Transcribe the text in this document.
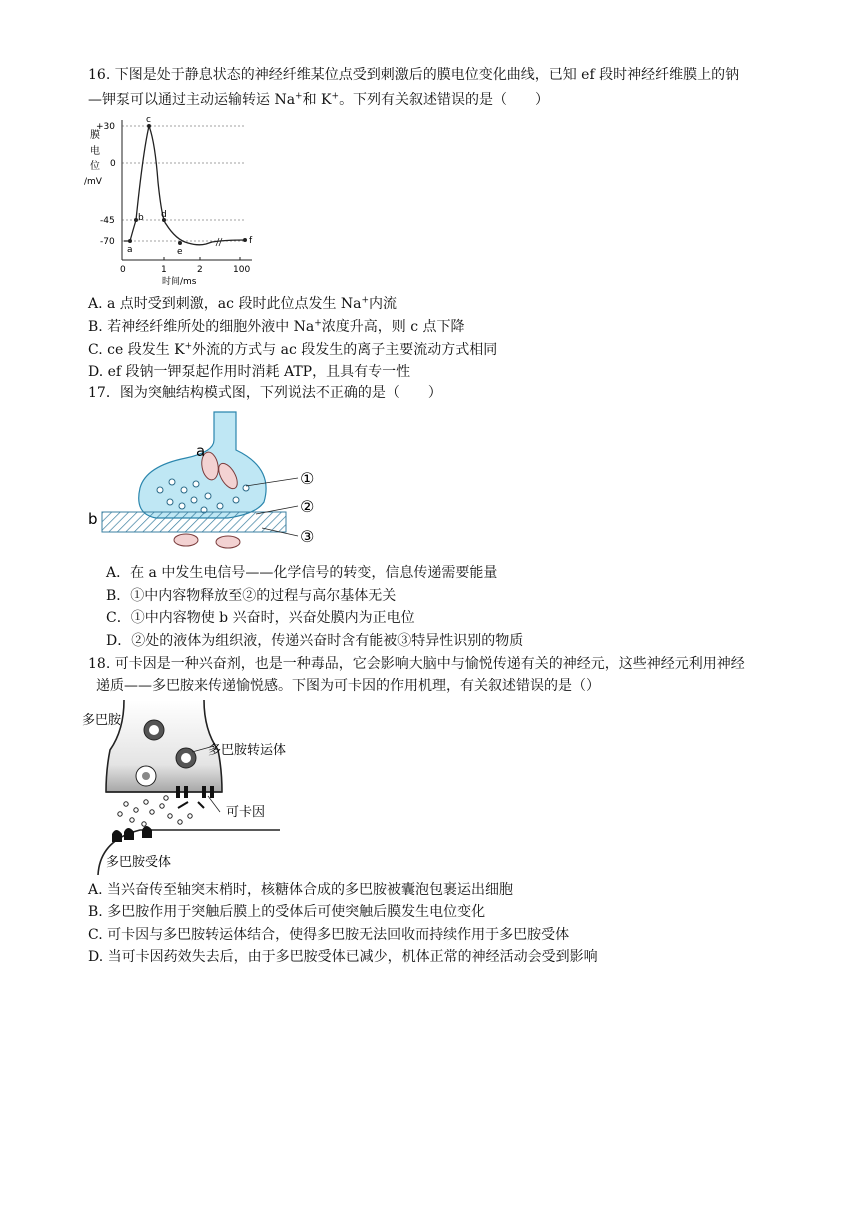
16. 下图是处于静息状态的神经纤维某位点受到刺激后的膜电位变化曲线，已知 ef 段时神经纤维膜上的钠
—钾泵可以通过主动运输转运 Na+和 K+。下列有关叙述错误的是（　　）
膜
电
位
/mV
+30
0
-45
-70
0	1	2	100
时间/ms
a
b
c
d
e
f
A. a 点时受到刺激，ac 段时此位点发生 Na+内流
B. 若神经纤维所处的细胞外液中 Na+浓度升高，则 c 点下降
C. ce 段发生 K+外流的方式与 ac 段发生的离子主要流动方式相同
D. ef 段钠一钾泵起作用时消耗 ATP，且具有专一性
17．图为突触结构模式图，下列说法不正确的是（　　）
a
b
①
②
③
A．在 a 中发生电信号——化学信号的转变，信息传递需要能量
B．①中内容物释放至②的过程与高尔基体无关
C．①中内容物使 b 兴奋时，兴奋处膜内为正电位
D．②处的液体为组织液，传递兴奋时含有能被③特异性识别的物质
18. 可卡因是一种兴奋剂，也是一种毒品，它会影响大脑中与愉悦传递有关的神经元，这些神经元利用神经
递质——多巴胺来传递愉悦感。下图为可卡因的作用机理，有关叙述错误的是（）
多巴胺
多巴胺转运体
可卡因
多巴胺受体
A. 当兴奋传至轴突末梢时，核糖体合成的多巴胺被囊泡包裹运出细胞
B. 多巴胺作用于突触后膜上的受体后可使突触后膜发生电位变化
C. 可卡因与多巴胺转运体结合，使得多巴胺无法回收而持续作用于多巴胺受体
D. 当可卡因药效失去后，由于多巴胺受体已减少，机体正常的神经活动会受到影响
